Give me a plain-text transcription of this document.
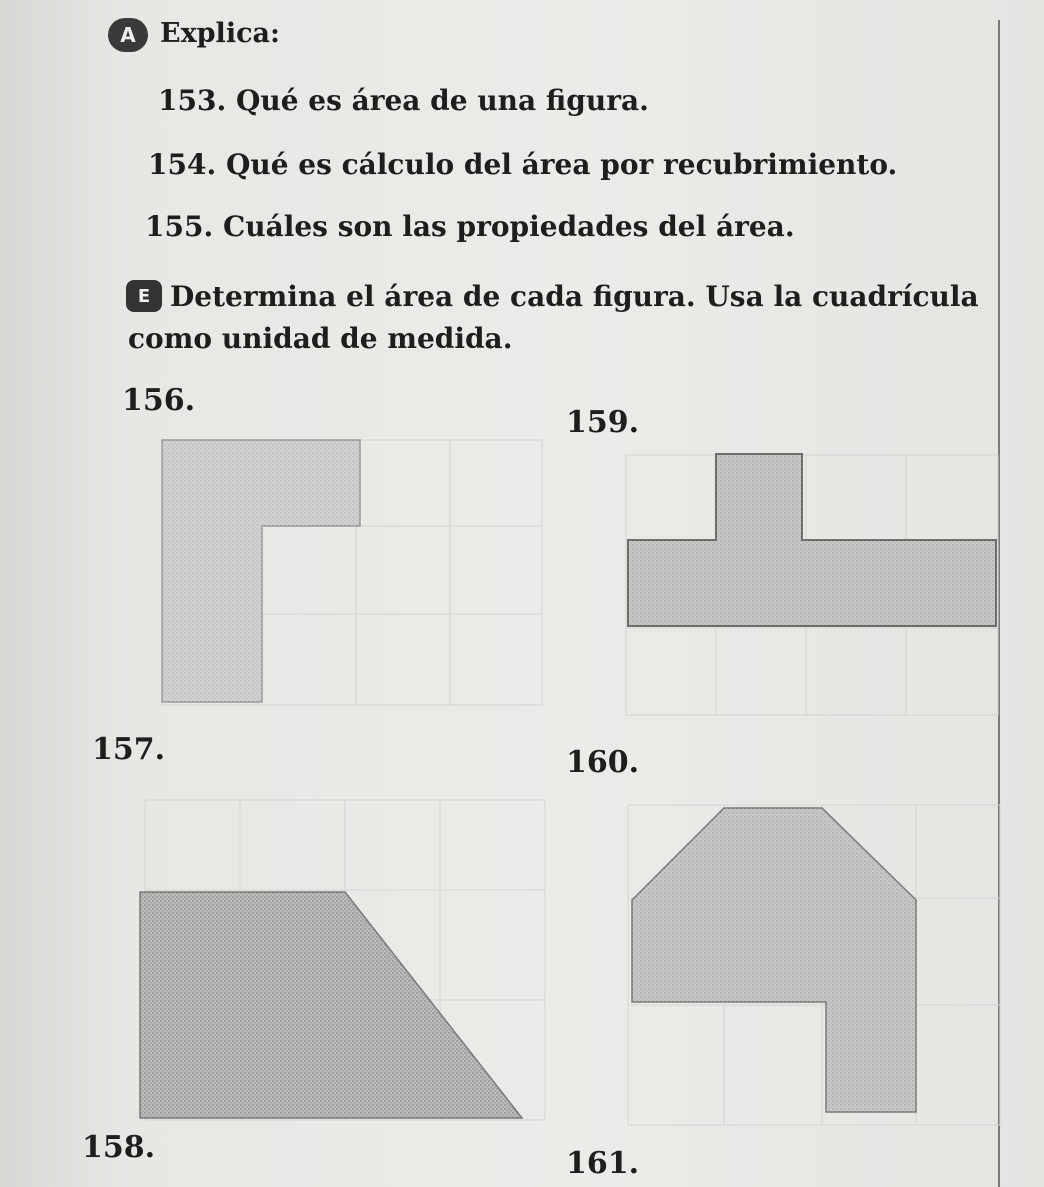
A Explica:
153. Qué es área de una figura.
154. Qué es cálculo del área por recubrimiento.
155. Cuáles son las propiedades del área.
E Determina el área de cada figura. Usa la cuadrícula
como unidad de medida.
156.
159.
157.	160.
158.	161.
